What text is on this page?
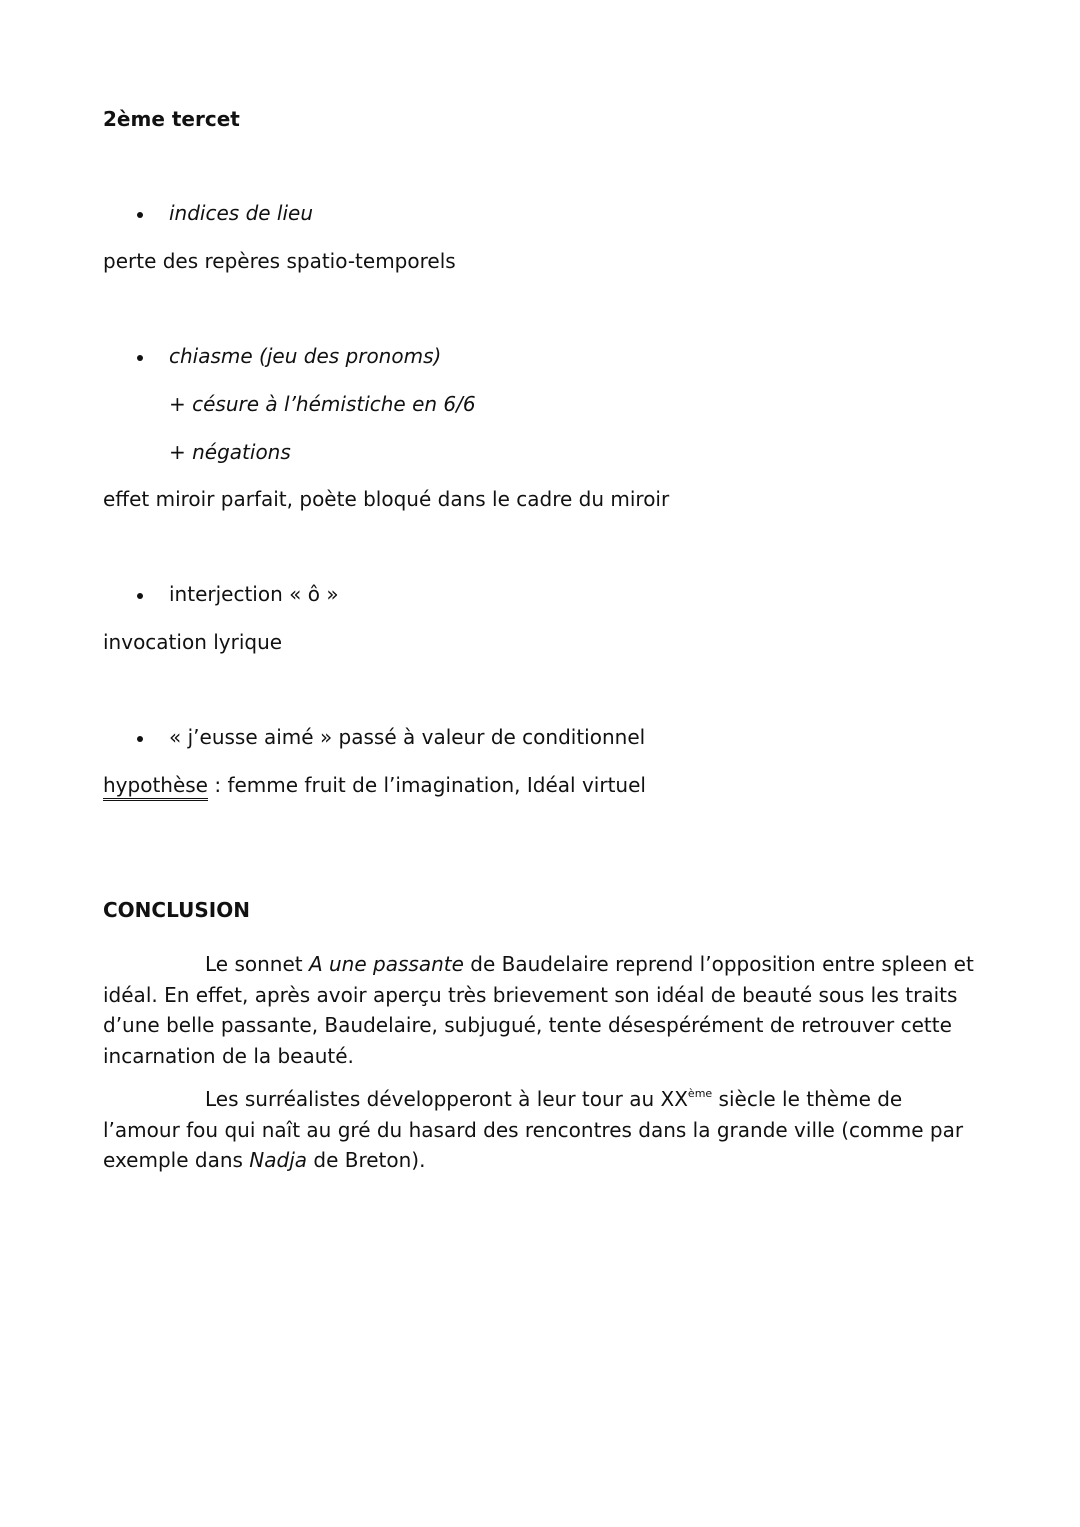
2ème tercet
indices de lieu
perte des repères spatio-temporels
chiasme (jeu des pronoms)
+ césure à l’hémistiche en 6/6
+ négations
effet miroir parfait, poète bloqué dans le cadre du miroir
interjection « ô »
invocation lyrique
« j’eusse aimé » passé à valeur de conditionnel
hypothèse : femme fruit de l’imagination, Idéal virtuel
CONCLUSION
Le sonnet A une passante de Baudelaire reprend l’opposition entre spleen et idéal. En effet, après avoir aperçu très brievement son idéal de beauté sous les traits d’une belle passante, Baudelaire, subjugué, tente désespérément de retrouver cette incarnation de la beauté.
Les surréalistes développeront à leur tour au XXème siècle le thème de l’amour fou qui naît au gré du hasard des rencontres dans la grande ville (comme par exemple dans Nadja de Breton).
